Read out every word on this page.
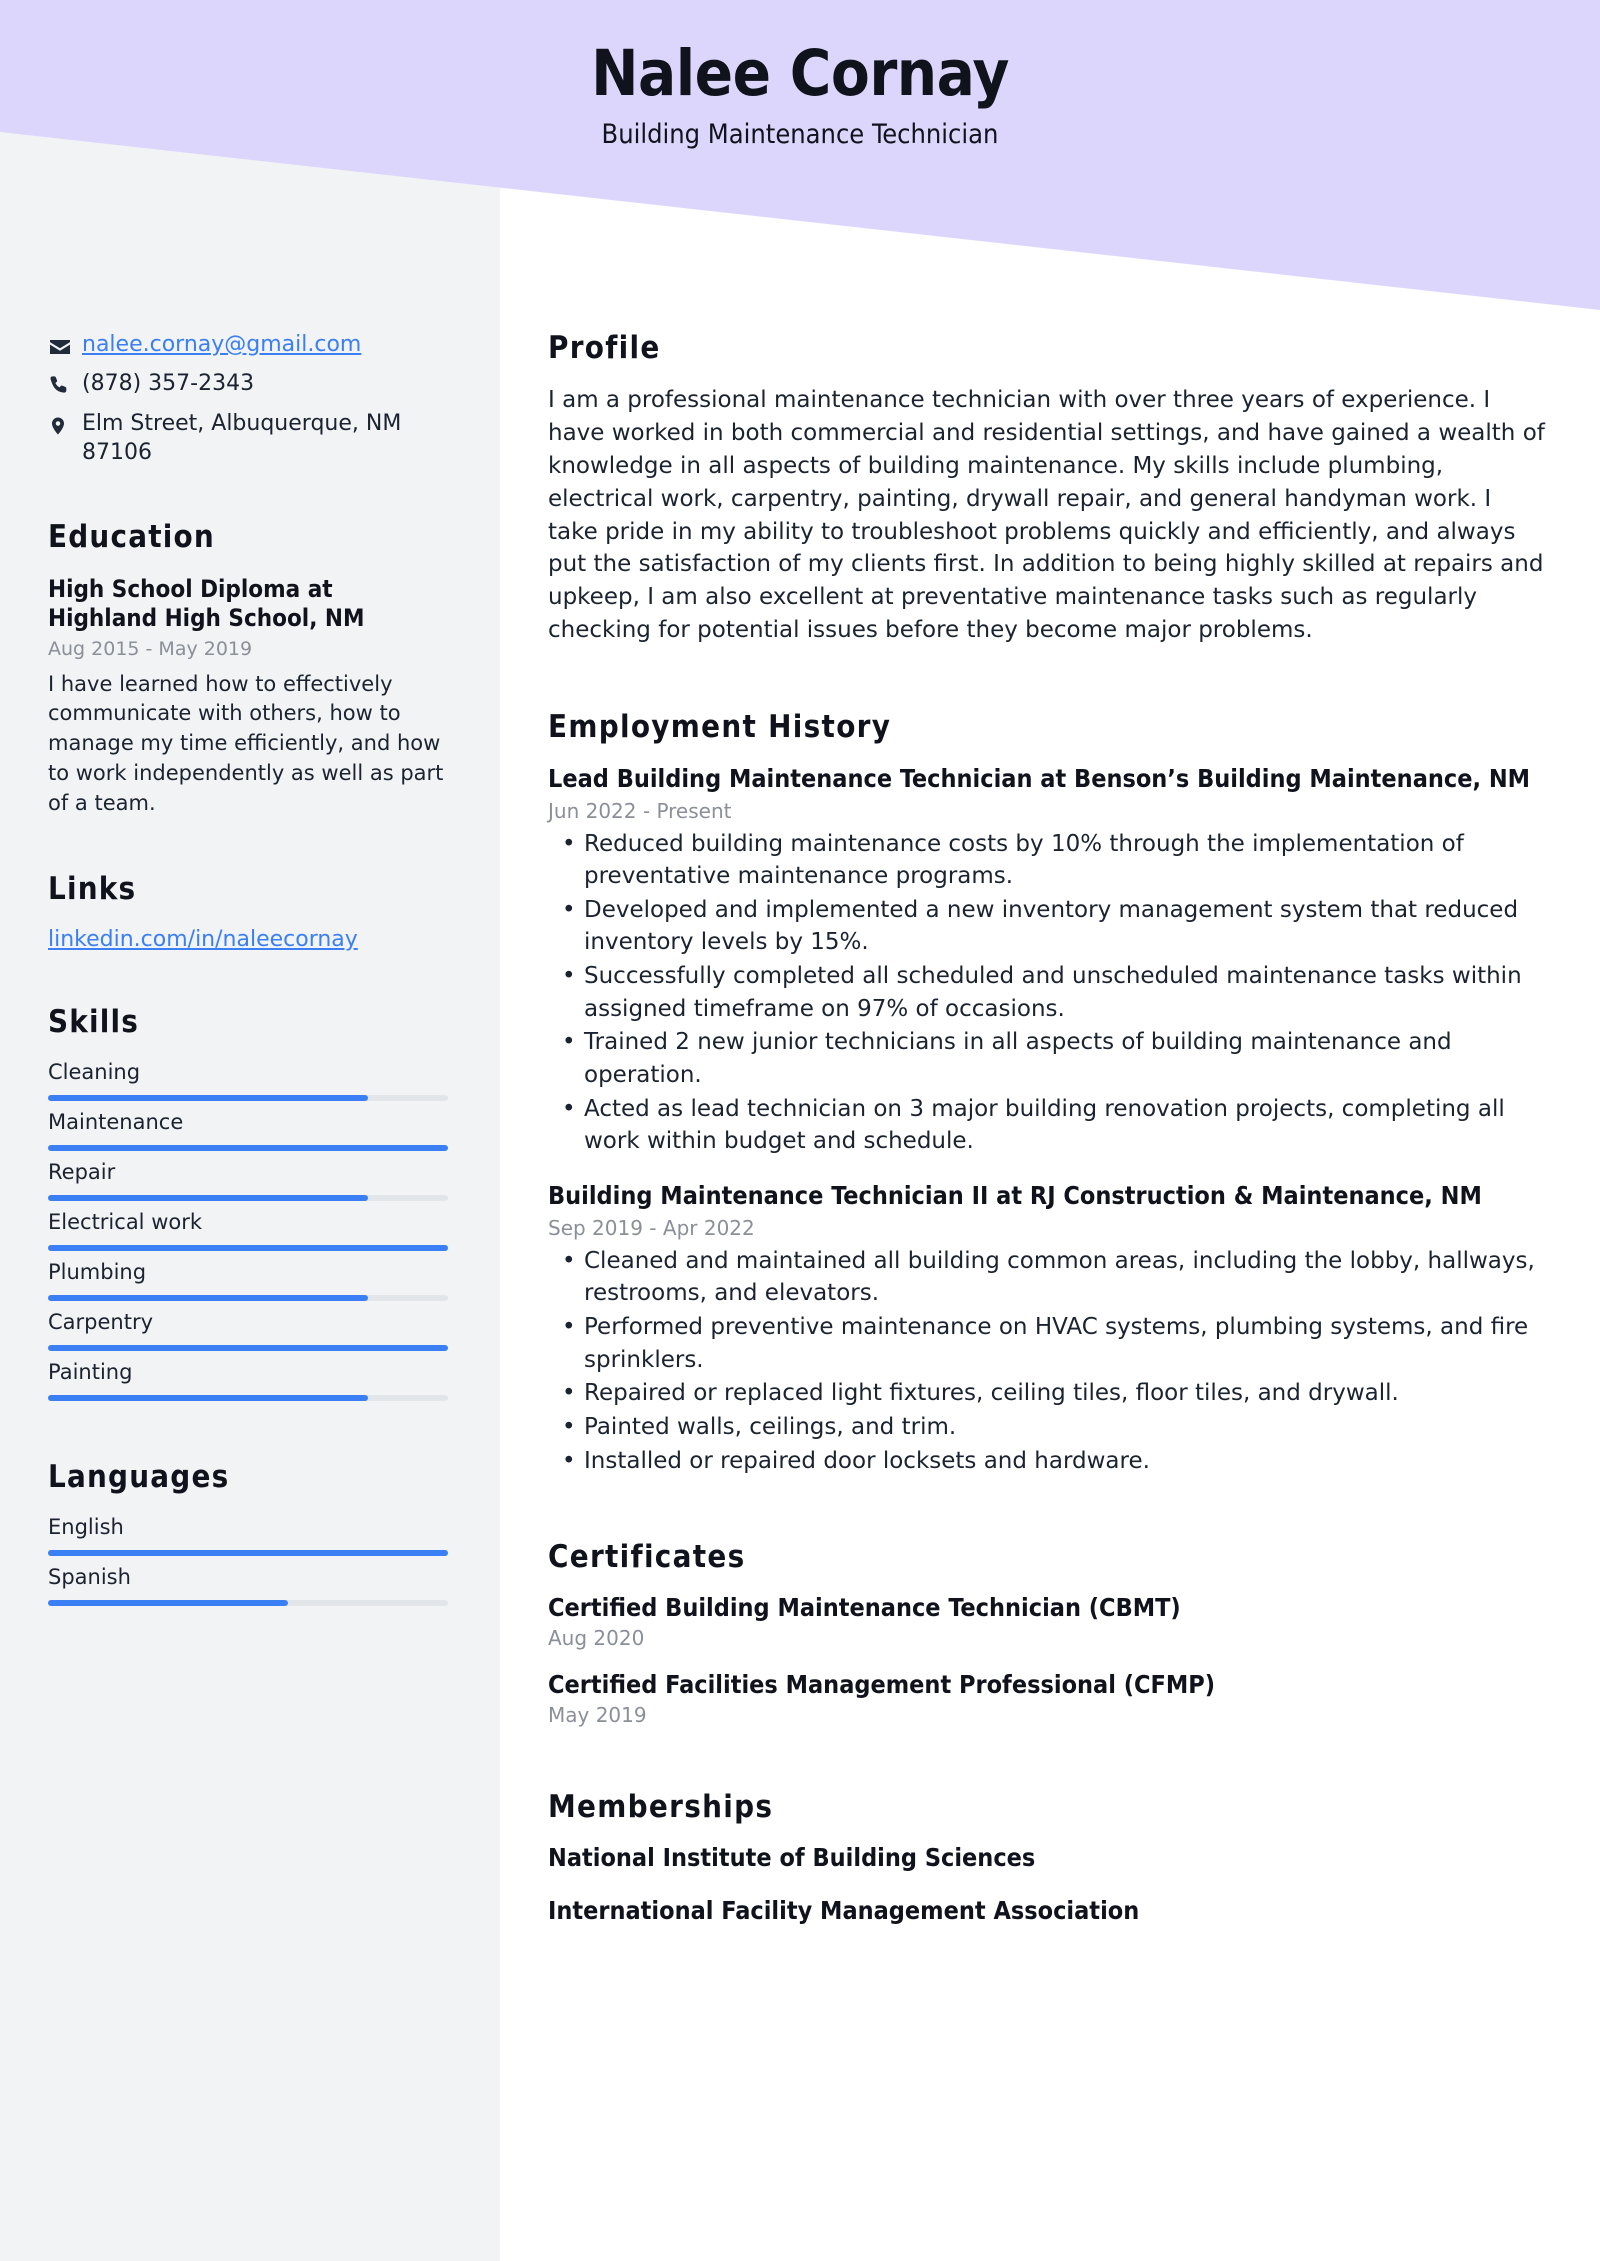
Nalee Cornay
Building Maintenance Technician
nalee.cornay@gmail.com
(878) 357-2343
Elm Street, Albuquerque, NM 87106
Education
High School Diploma at Highland High School, NM
Aug 2015 - May 2019
I have learned how to effectively communicate with others, how to manage my time efficiently, and how to work independently as well as part of a team.
Links
linkedin.com/in/naleecornay
Skills
Cleaning
Maintenance
Repair
Electrical work
Plumbing
Carpentry
Painting
Languages
English
Spanish
Profile
I am a professional maintenance technician with over three years of experience. I have worked in both commercial and residential settings, and have gained a wealth of knowledge in all aspects of building maintenance. My skills include plumbing, electrical work, carpentry, painting, drywall repair, and general handyman work. I take pride in my ability to troubleshoot problems quickly and efficiently, and always put the satisfaction of my clients first. In addition to being highly skilled at repairs and upkeep, I am also excellent at preventative maintenance tasks such as regularly checking for potential issues before they become major problems.
Employment History
Lead Building Maintenance Technician at Benson’s Building Maintenance, NM
Jun 2022 - Present
• Reduced building maintenance costs by 10% through the implementation of preventative maintenance programs.
• Developed and implemented a new inventory management system that reduced inventory levels by 15%.
• Successfully completed all scheduled and unscheduled maintenance tasks within assigned timeframe on 97% of occasions.
• Trained 2 new junior technicians in all aspects of building maintenance and operation.
• Acted as lead technician on 3 major building renovation projects, completing all work within budget and schedule.
Building Maintenance Technician II at RJ Construction & Maintenance, NM
Sep 2019 - Apr 2022
• Cleaned and maintained all building common areas, including the lobby, hallways, restrooms, and elevators.
• Performed preventive maintenance on HVAC systems, plumbing systems, and fire sprinklers.
• Repaired or replaced light fixtures, ceiling tiles, floor tiles, and drywall.
• Painted walls, ceilings, and trim.
• Installed or repaired door locksets and hardware.
Certificates
Certified Building Maintenance Technician (CBMT)
Aug 2020
Certified Facilities Management Professional (CFMP)
May 2019
Memberships
National Institute of Building Sciences
International Facility Management Association
